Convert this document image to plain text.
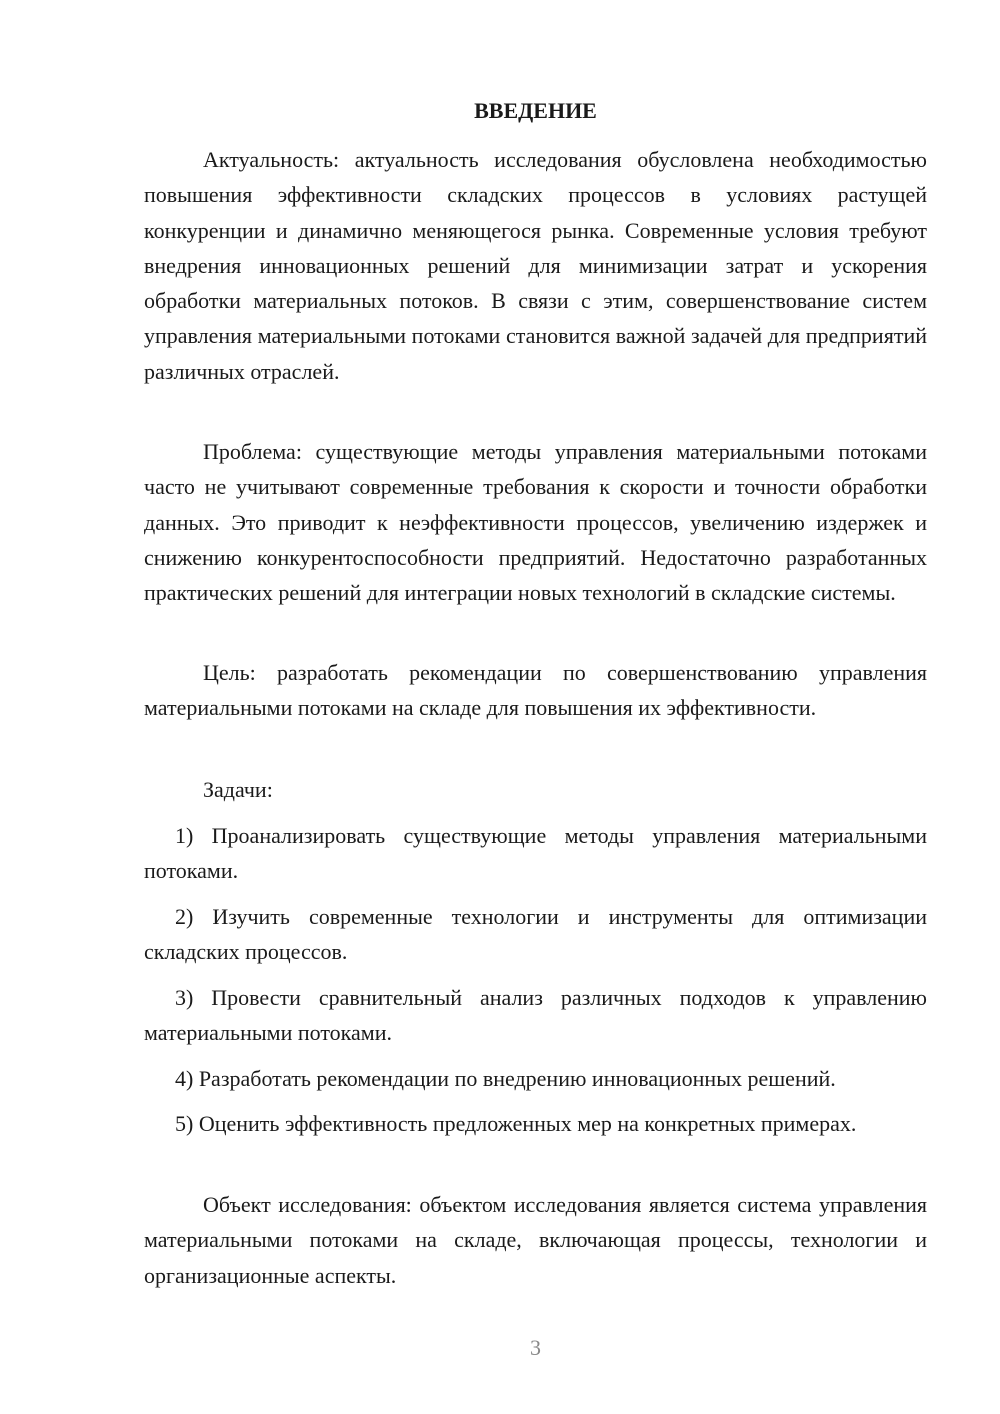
ВВЕДЕНИЕ

Актуальность: актуальность исследования обусловлена необходимостью повышения эффективности складских процессов в условиях растущей конкуренции и динамично меняющегося рынка. Современные условия требуют внедрения инновационных решений для минимизации затрат и ускорения обработки материальных потоков. В связи с этим, совершенствование систем управления материальными потоками становится важной задачей для предприятий различных отраслей.

Проблема: существующие методы управления материальными потоками часто не учитывают современные требования к скорости и точности обработки данных. Это приводит к неэффективности процессов, увеличению издержек и снижению конкурентоспособности предприятий. Недостаточно разработанных практических решений для интеграции новых технологий в складские системы.

Цель: разработать рекомендации по совершенствованию управления материальными потоками на складе для повышения их эффективности.

Задачи:

1) Проанализировать существующие методы управления материальными потоками.

2) Изучить современные технологии и инструменты для оптимизации складских процессов.

3) Провести сравнительный анализ различных подходов к управлению материальными потоками.

4) Разработать рекомендации по внедрению инновационных решений.

5) Оценить эффективность предложенных мер на конкретных примерах.

Объект исследования: объектом исследования является система управления материальными потоками на складе, включающая процессы, технологии и организационные аспекты.

3
